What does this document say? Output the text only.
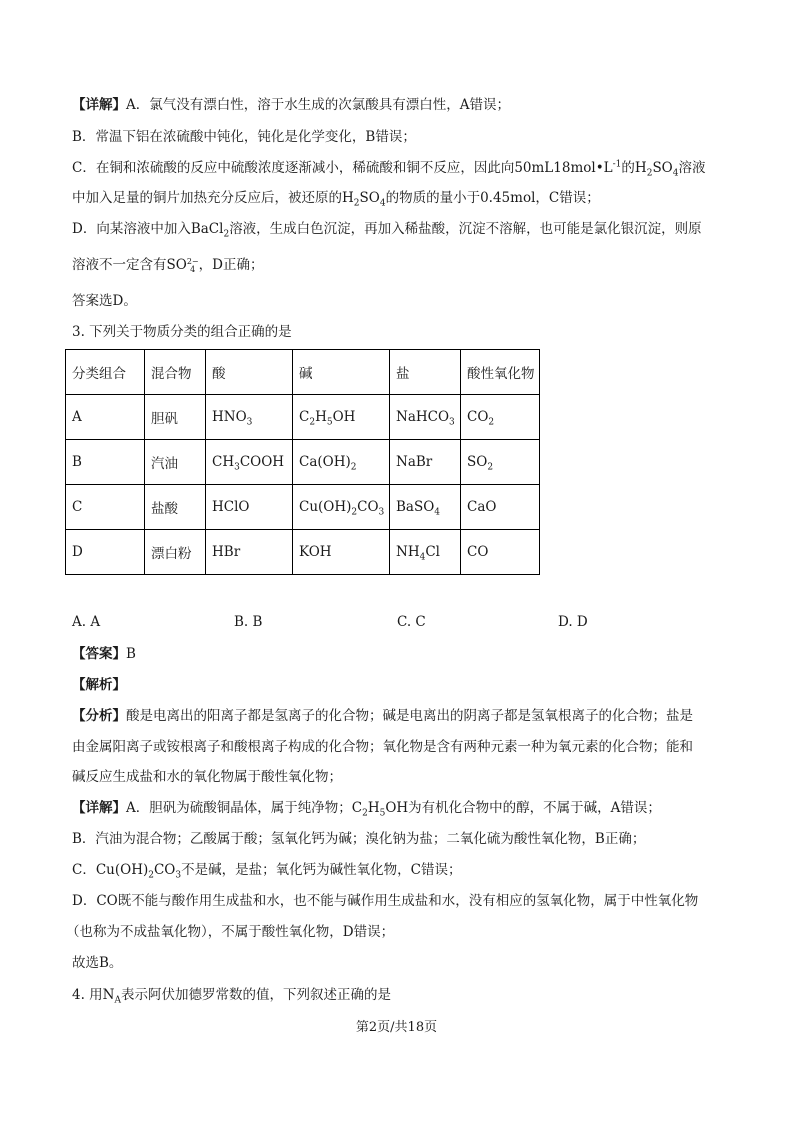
【详解】A．氯气没有漂白性，溶于水生成的次氯酸具有漂白性，A错误；
B．常温下铝在浓硫酸中钝化，钝化是化学变化，B错误；
C．在铜和浓硫酸的反应中硫酸浓度逐渐减小，稀硫酸和铜不反应，因此向$50mL18mol•L^{-1}$的$H_2SO_4$溶液
中加入足量的铜片加热充分反应后，被还原的$H_2SO_4$的物质的量小于0.45mol，C错误；
D．向某溶液中加入BaCl$_2$溶液，生成白色沉淀，再加入稀盐酸，沉淀不溶解，也可能是氯化银沉淀，则原
溶液不一定含有SO 2−
4 ，D正确；
答案选D。
3. 下列关于物质分类的组合正确的是
分类组合	混合物	酸	碱	盐	酸性氧化物
A	胆矾	$HNO_3$	$C_2H_5OH$	NaHCO$_3$	$CO_2$
B	汽油	$CH_3COOH$	$Ca(OH)_2$	NaBr	$SO_2$
C	盐酸	HClO	$Cu(OH)_2CO_3$	BaSO$_4$	CaO
D	漂白粉	HBr	KOH	$NH_4Cl$	CO
A. A	B. B	C. C	D. D
【答案】B
【解析】
【分析】酸是电离出的阳离子都是氢离子的化合物；碱是电离出的阴离子都是氢氧根离子的化合物；盐是
由金属阳离子或铵根离子和酸根离子构成的化合物；氧化物是含有两种元素一种为氧元素的化合物；能和
碱反应生成盐和水的氧化物属于酸性氧化物；
【详解】A．胆矾为硫酸铜晶体，属于纯净物；$C_2H_5OH$为有机化合物中的醇，不属于碱，A错误；
B．汽油为混合物；乙酸属于酸；氢氧化钙为碱；溴化钠为盐；二氧化硫为酸性氧化物，B正确；
C．$Cu(OH)_2CO_3$不是碱，是盐；氧化钙为碱性氧化物，C错误；
D．CO既不能与酸作用生成盐和水，也不能与碱作用生成盐和水，没有相应的氢氧化物，属于中性氧化物
（也称为不成盐氧化物），不属于酸性氧化物，D错误；
故选B。
4. 用$N_A$表示阿伏加德罗常数的值，下列叙述正确的是
第2页/共18页
